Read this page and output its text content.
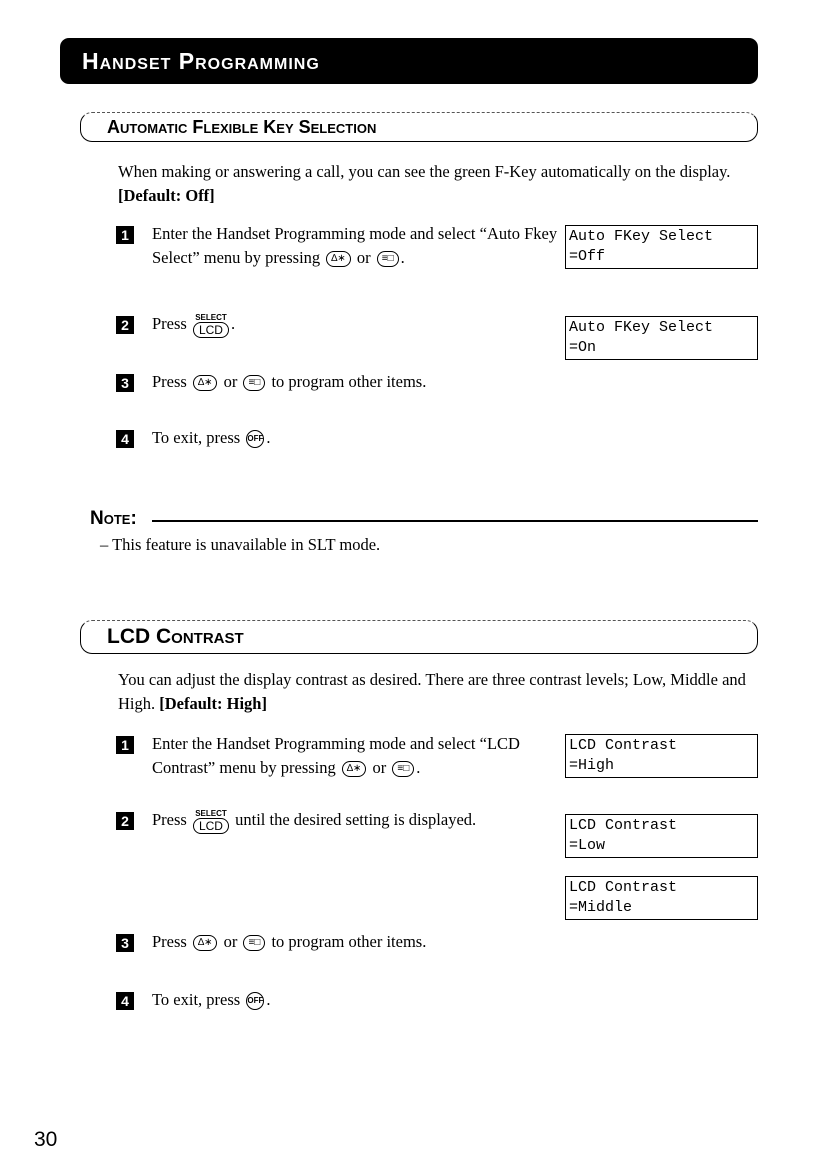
Handset Programming
Automatic Flexible Key Selection
When making or answering a call, you can see the green F-Key automatically on the display. [Default: Off]
1	Enter the Handset Programming mode and select “Auto Fkey Select” menu by pressing ∆∗ or ≡□ .
2	Press SELECT
LCD .
3	Press ∆∗ or ≡□ to program other items.
4	To exit, press OFF .
Auto FKey Select
=Off
Auto FKey Select
=On
Note:
– This feature is unavailable in SLT mode.
LCD Contrast
You can adjust the display contrast as desired. There are three contrast levels; Low, Middle and High. [Default: High]
1	Enter the Handset Programming mode and select “LCD Contrast” menu by pressing ∆∗ or ≡□ .
2	Press SELECT
LCD until the desired setting is displayed.
3	Press ∆∗ or ≡□ to program other items.
4	To exit, press OFF .
LCD Contrast
=High
LCD Contrast
=Low
LCD Contrast
=Middle
30
